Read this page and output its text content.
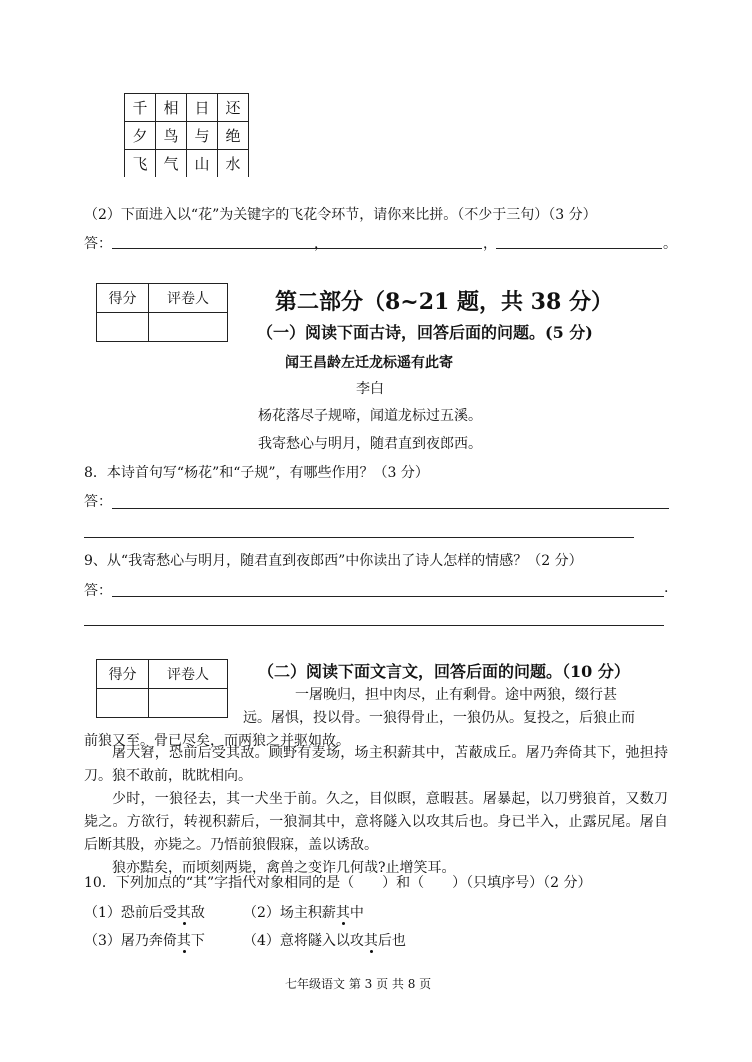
千	相	日	还
夕	鸟	与	绝
飞	气	山	水
（2）下面进入以“花”为关键字的飞花令环节，请你来比拼。（不少于三句）（3 分）
答：	，	，	。
得分	评卷人
		第二部分（8~21 题，共 38 分）
（一）阅读下面古诗，回答后面的问题。(5 分)
闻王昌龄左迁龙标遥有此寄
李白
杨花落尽子规啼，闻道龙标过五溪。
我寄愁心与明月，随君直到夜郎西。
8．本诗首句写“杨花”和“子规”，有哪些作用？（3 分）
答：
9、从“我寄愁心与明月，随君直到夜郎西”中你读出了诗人怎样的情感？（2 分）
答：	.
得分	评卷人
		（二）阅读下面文言文，回答后面的问题。（10 分）
一屠晚归，担中肉尽，止有剩骨。途中两狼，缀行甚
远。屠惧，投以骨。一狼得骨止，一狼仍从。复投之，后狼止而
前狼又至。骨已尽矣，而两狼之并驱如故。
屠大窘，恐前后受其敌。顾野有麦场，场主积薪其中，苫蔽成丘。屠乃奔倚其下，弛担持刀。狼不敢前，眈眈相向。
少时，一狼径去，其一犬坐于前。久之，目似瞑，意暇甚。屠暴起，以刀劈狼首，又数刀毙之。方欲行，转视积薪后，一狼洞其中，意将隧入以攻其后也。身已半入，止露尻尾。屠自后断其股，亦毙之。乃悟前狼假寐，盖以诱敌。
狼亦黠矣，而顷刻两毙，禽兽之变诈几何哉?止增笑耳。
10．下列加点的“其”字指代对象相同的是（　　）和（　　）（只填序号）（2 分）
（1）恐前后受其敌	（2）场主积薪其中
（3）屠乃奔倚其下	（4）意将隧入以攻其后也
七年级语文 第 3 页 共 8 页
